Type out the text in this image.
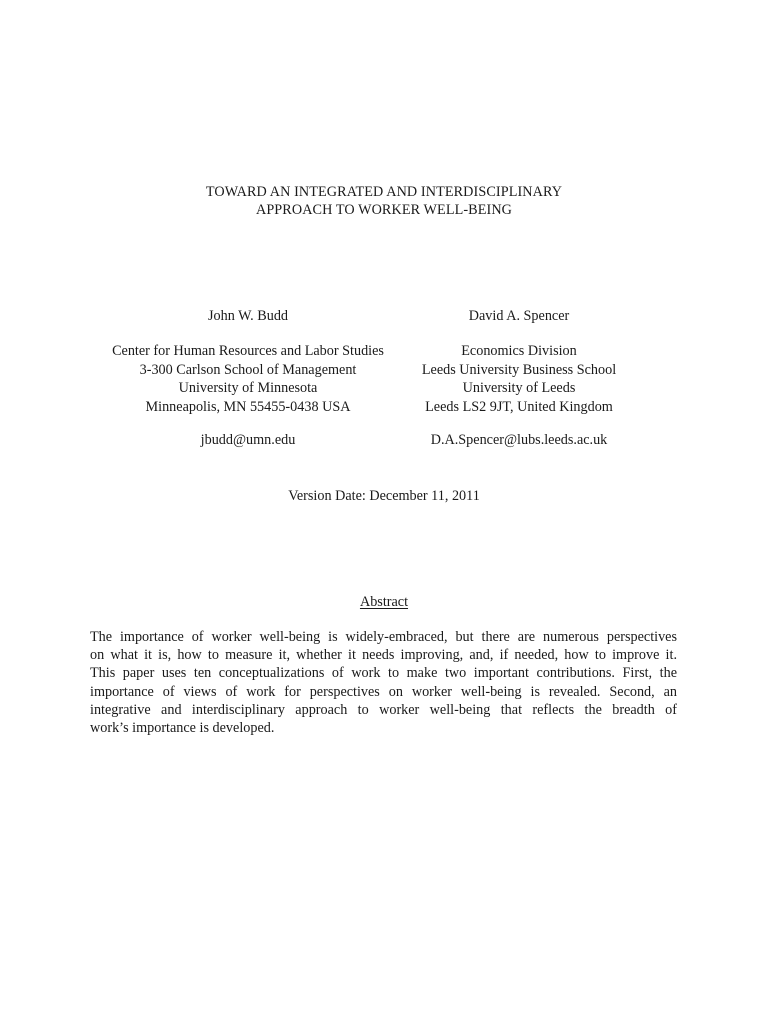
TOWARD AN INTEGRATED AND INTERDISCIPLINARY
APPROACH TO WORKER WELL-BEING
John W. Budd
Center for Human Resources and Labor Studies
3-300 Carlson School of Management
University of Minnesota
Minneapolis, MN 55455-0438 USA
jbudd@umn.edu
David A. Spencer
Economics Division
Leeds University Business School
University of Leeds
Leeds LS2 9JT, United Kingdom
D.A.Spencer@lubs.leeds.ac.uk
Version Date: December 11, 2011
Abstract
The importance of worker well-being is widely-embraced, but there are numerous perspectives
on what it is, how to measure it, whether it needs improving, and, if needed, how to improve it.
This paper uses ten conceptualizations of work to make two important contributions. First, the
importance of views of work for perspectives on worker well-being is revealed. Second, an
integrative and interdisciplinary approach to worker well-being that reflects the breadth of
work’s importance is developed.
